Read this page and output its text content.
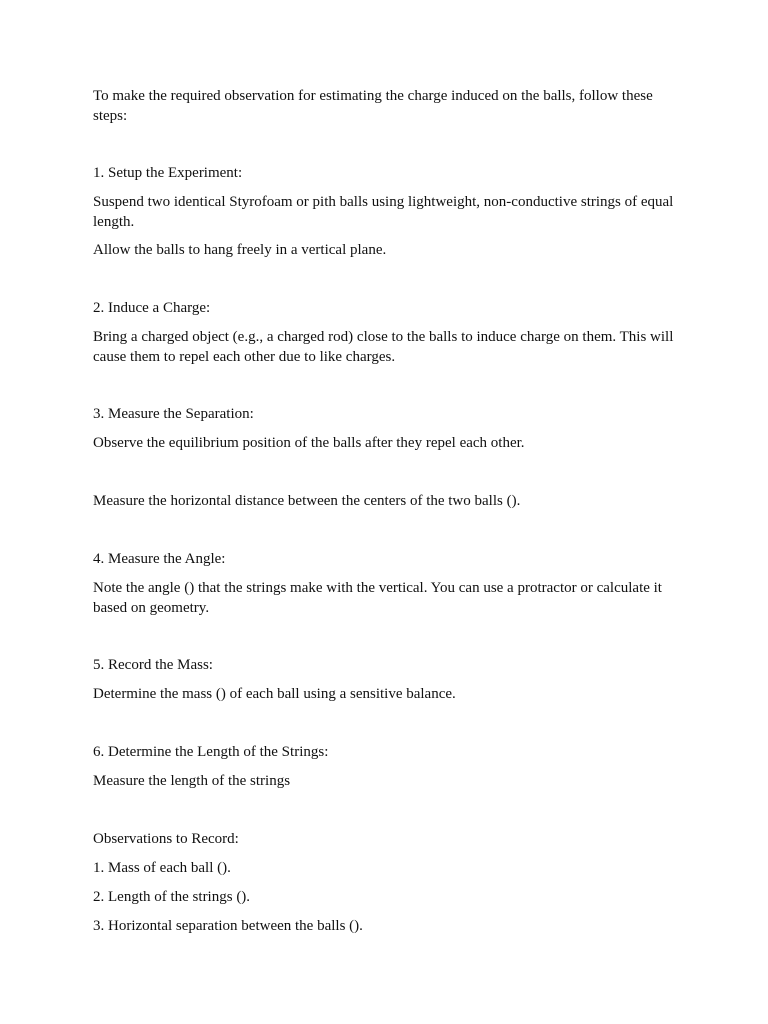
To make the required observation for estimating the charge induced on the balls, follow these steps:

1. Setup the Experiment:

Suspend two identical Styrofoam or pith balls using lightweight, non-conductive strings of equal length.

Allow the balls to hang freely in a vertical plane.

2. Induce a Charge:

Bring a charged object (e.g., a charged rod) close to the balls to induce charge on them. This will cause them to repel each other due to like charges.

3. Measure the Separation:

Observe the equilibrium position of the balls after they repel each other.

Measure the horizontal distance between the centers of the two balls ().

4. Measure the Angle:

Note the angle () that the strings make with the vertical. You can use a protractor or calculate it based on geometry.

5. Record the Mass:

Determine the mass () of each ball using a sensitive balance.

6. Determine the Length of the Strings:

Measure the length of the strings

Observations to Record:

1. Mass of each ball ().

2. Length of the strings ().

3. Horizontal separation between the balls ().
